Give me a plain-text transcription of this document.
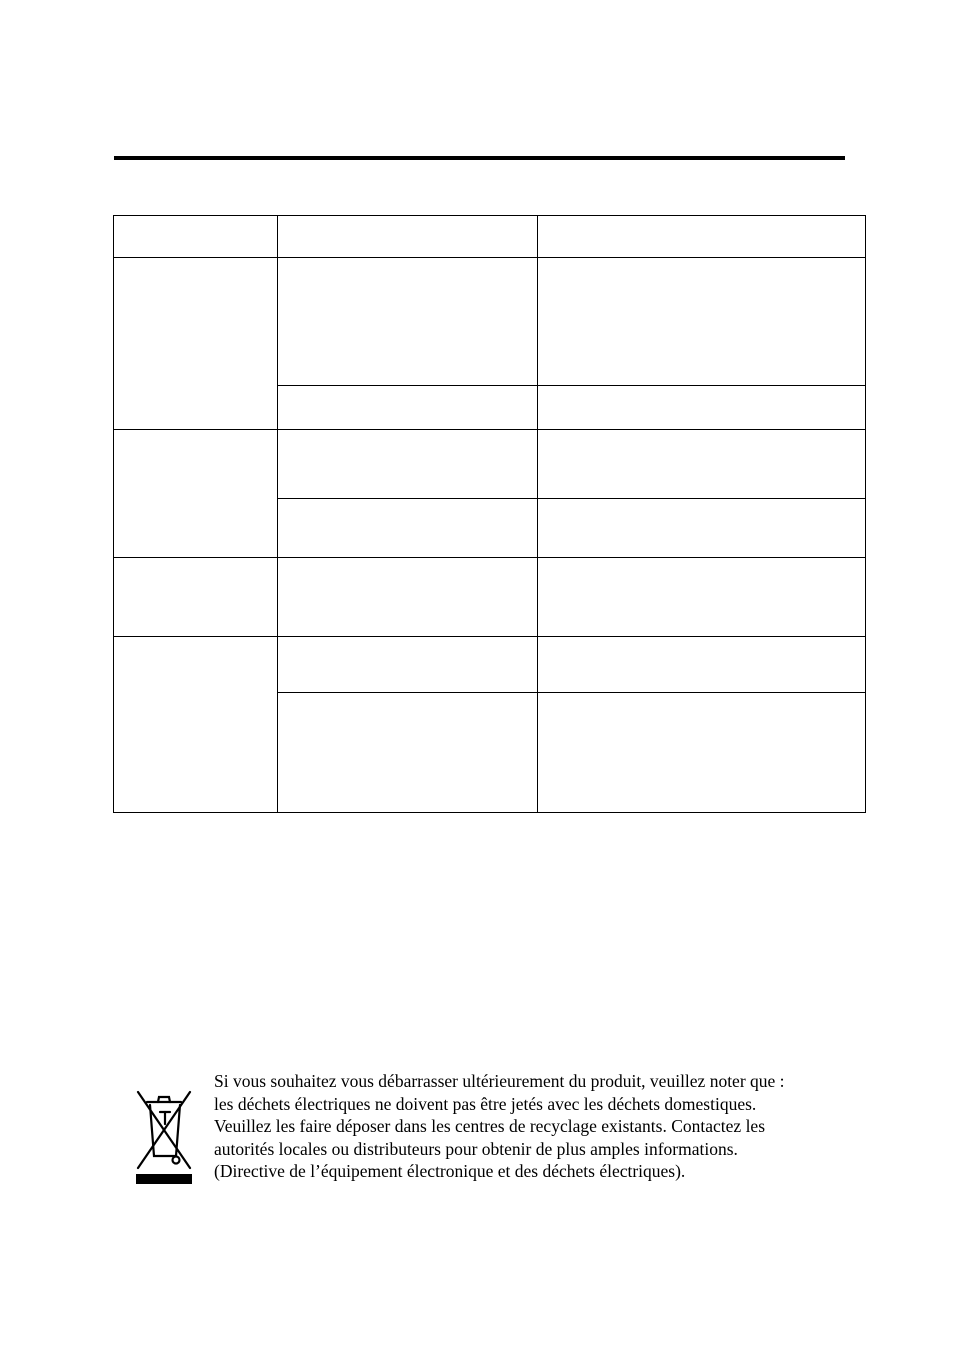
Si vous souhaitez vous débarrasser ultérieurement du produit, veuillez noter que :
les déchets électriques ne doivent pas être jetés avec les déchets domestiques.
Veuillez les faire déposer dans les centres de recyclage existants. Contactez les
autorités locales ou distributeurs pour obtenir de plus amples informations.
(Directive de l’équipement électronique et des déchets électriques).
